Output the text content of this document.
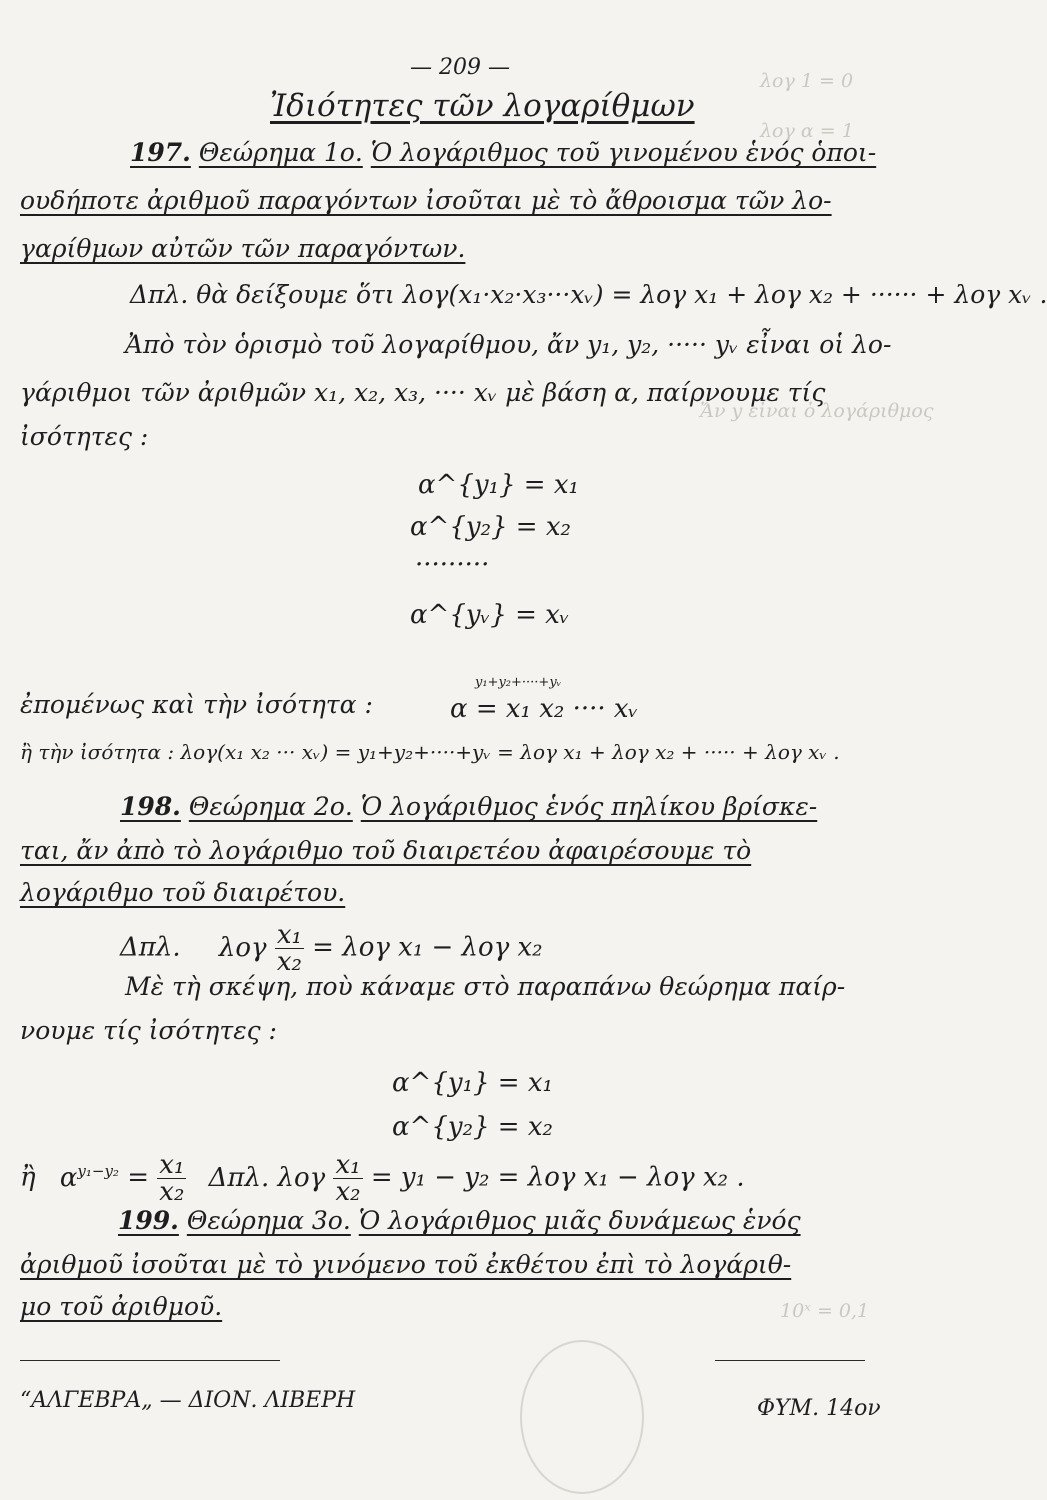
λογ 1 = 0
λογ α = 1
Ἄν y εἶναι ὁ λογάριθμος
10ˣ = 0,1
— 209 —
Ἰδιότητες τῶν λογαρίθμων
197. Θεώρημα 1ο. Ὁ λογάριθμος τοῦ γινομένου ἑνός ὁποι-
ουδήποτε ἀριθμοῦ παραγόντων ἰσοῦται μὲ τὸ ἄθροισμα τῶν λο-
γαρίθμων αὐτῶν τῶν παραγόντων.
Δπλ. θὰ δείξουμε ὅτι λογ(x₁·x₂·x₃···xᵥ) = λογ x₁ + λογ x₂ + ······ + λογ xᵥ .
Ἀπὸ τὸν ὁρισμὸ τοῦ λογαρίθμου, ἄν y₁, y₂, ····· yᵥ εἶναι οἱ λο-
γάριθμοι τῶν ἀριθμῶν x₁, x₂, x₃, ···· xᵥ μὲ βάση α, παίρνουμε τίς
ἰσότητες :
α^{y₁} = x₁
α^{y₂} = x₂
·········
α^{yᵥ} = xᵥ
ἐπομένως καὶ τὴν ἰσότητα :
y₁+y₂+····+yᵥ
α = x₁ x₂ ···· xᵥ
ἢ τὴν ἰσότητα : λογ(x₁ x₂ ··· xᵥ) = y₁+y₂+····+yᵥ = λογ x₁ + λογ x₂ + ····· + λογ xᵥ .
198. Θεώρημα 2ο. Ὁ λογάριθμος ἑνός πηλίκου βρίσκε-
ται, ἄν ἀπὸ τὸ λογάριθμο τοῦ διαιρετέου ἀφαιρέσουμε τὸ
λογάριθμο τοῦ διαιρέτου.
Δπλ. λογ $\frac{\text{x₁}}{\text{x₂}} = \lambda o\gamma$ x₁ − λογ x₂
Μὲ τὴ σκέψη, ποὺ κάναμε στὸ παραπάνω θεώρημα παίρ-
νουμε τίς ἰσότητες :
α^{y₁} = x₁
α^{y₂} = x₂
ἢ $\alpha^{y_1-y_2} = \frac{\text{x₁}}{\text{x₂}} \Delta\pi\lambda$. λογ $\frac{\text{x₁}}{\text{x₂}} = y_1 - y_2 = \lambda o\gamma$ x₁ − λογ x₂ .
199. Θεώρημα 3ο. Ὁ λογάριθμος μιᾶς δυνάμεως ἑνός
ἀριθμοῦ ἰσοῦται μὲ τὸ γινόμενο τοῦ ἐκθέτου ἐπὶ τὸ λογάριθ-
μο τοῦ ἀριθμοῦ.
“ΑΛΓΕΒΡΑ„ — ΔΙΟΝ. ΛΙΒΕΡΗ	ΦΥΜ. 14ον
